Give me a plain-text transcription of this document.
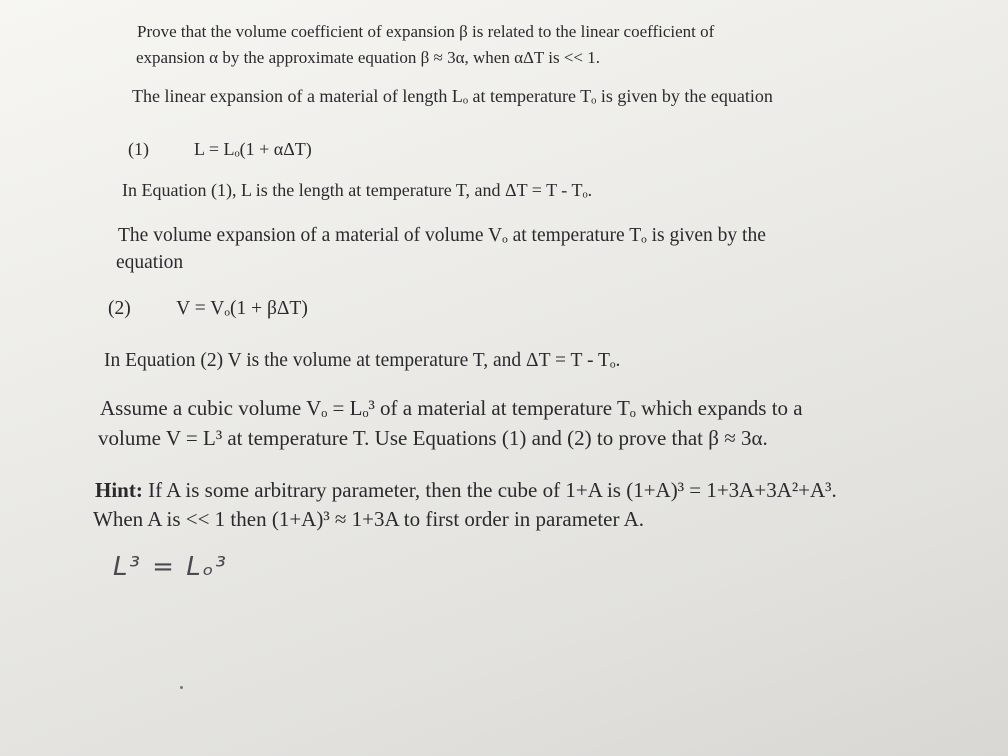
Prove that the volume coefficient of expansion β is related to the linear coefficient of

expansion α by the approximate equation β ≈ 3α, when αΔT is << 1.

The linear expansion of a material of length Lₒ at temperature Tₒ is given by the equation

(1)	L = Lₒ(1 + αΔT)

In Equation (1), L is the length at temperature T, and ΔT = T - Tₒ.

The volume expansion of a material of volume Vₒ at temperature Tₒ is given by the

equation

(2) V = Vₒ(1 + βΔT)

In Equation (2) V is the volume at temperature T, and ΔT = T - Tₒ.

Assume a cubic volume Vₒ = Lₒ³ of a material at temperature Tₒ which expands to a

volume V = L³ at temperature T. Use Equations (1) and (2) to prove that β ≈ 3α.

Hint: If A is some arbitrary parameter, then the cube of 1+A is (1+A)³ = 1+3A+3A²+A³.

When A is << 1 then (1+A)³ ≈ 1+3A to first order in parameter A.

L³ = Lₒ³
